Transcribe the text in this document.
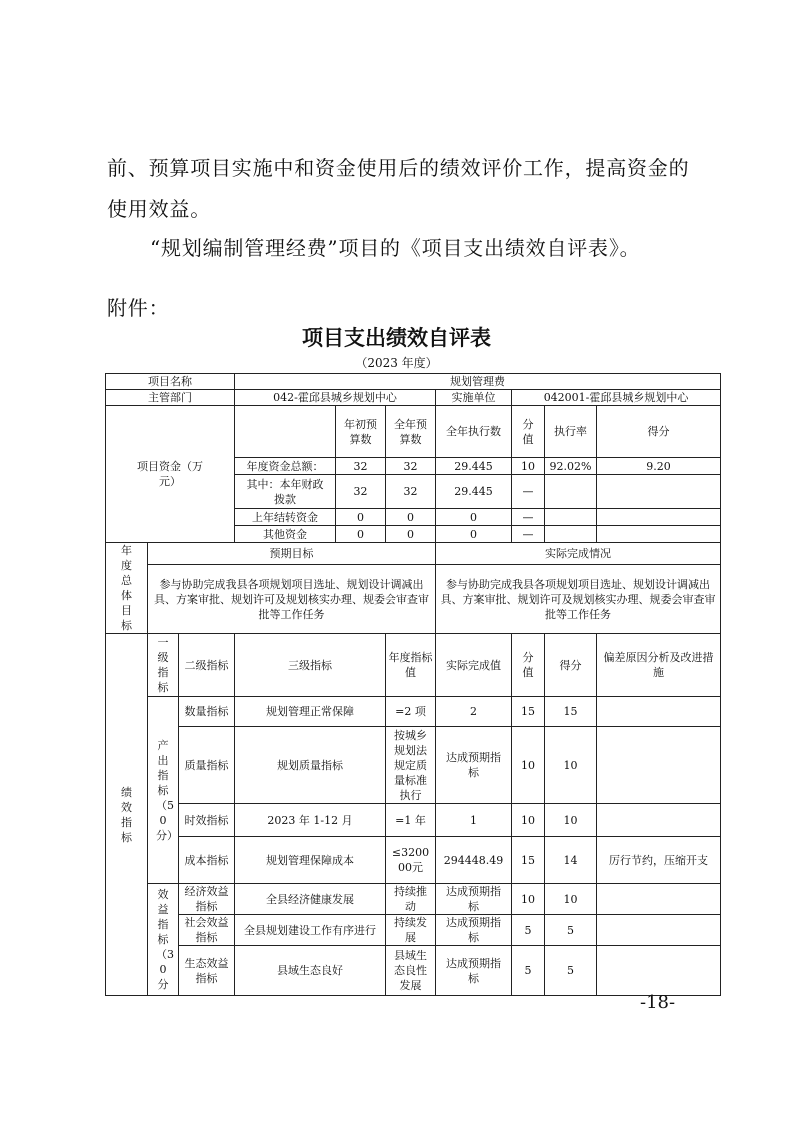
前、预算项目实施中和资金使用后的绩效评价工作，提高资金的
使用效益。
“规划编制管理经费”项目的《项目支出绩效自评表》。
附件：
项目支出绩效自评表
（2023 年度）
项目名称			规划管理费						
主管部门			042-霍邱县城乡规划中心			实施单位	042001-霍邱县城乡规划中心		
项目资金（万元）				年初预算数	全年预算数	全年执行数	分值	执行率	得分
			年度资金总额：	32	32	29.445	10	92.02%	9.20
			其中：本年财政拨款	32	32	29.445	—		
			上年结转资金	0	0	0	—		
			其他资金	0	0	0	—		
年度总体目标	预期目标					实际完成情况			
	参与协助完成我县各项规划项目选址、规划设计调减出具、方案审批、规划许可及规划核实办理、规委会审查审批等工作任务					参与协助完成我县各项规划项目选址、规划设计调减出具、方案审批、规划许可及规划核实办理、规委会审查审批等工作任务			
绩效指标	一级指标	二级指标	三级指标		年度指标值	实际完成值	分值	得分	偏差原因分析及改进措施
	产出指标（50分）	数量指标	规划管理正常保障		=2 项	2	15	15	
		质量指标	规划质量指标		按城乡规划法规定质量标准执行	达成预期指标	10	10	
		时效指标	2023 年 1-12 月		=1 年	1	10	10	
		成本指标	规划管理保障成本		≤320000元	294448.49	15	14	厉行节约，压缩开支
	效益指标（30分	经济效益指标	全县经济健康发展		持续推动	达成预期指标	10	10	
		社会效益指标	全县规划建设工作有序进行		持续发展	达成预期指标	5	5	
		生态效益指标	县域生态良好		县域生态良性发展	达成预期指标	5	5	
-18-
